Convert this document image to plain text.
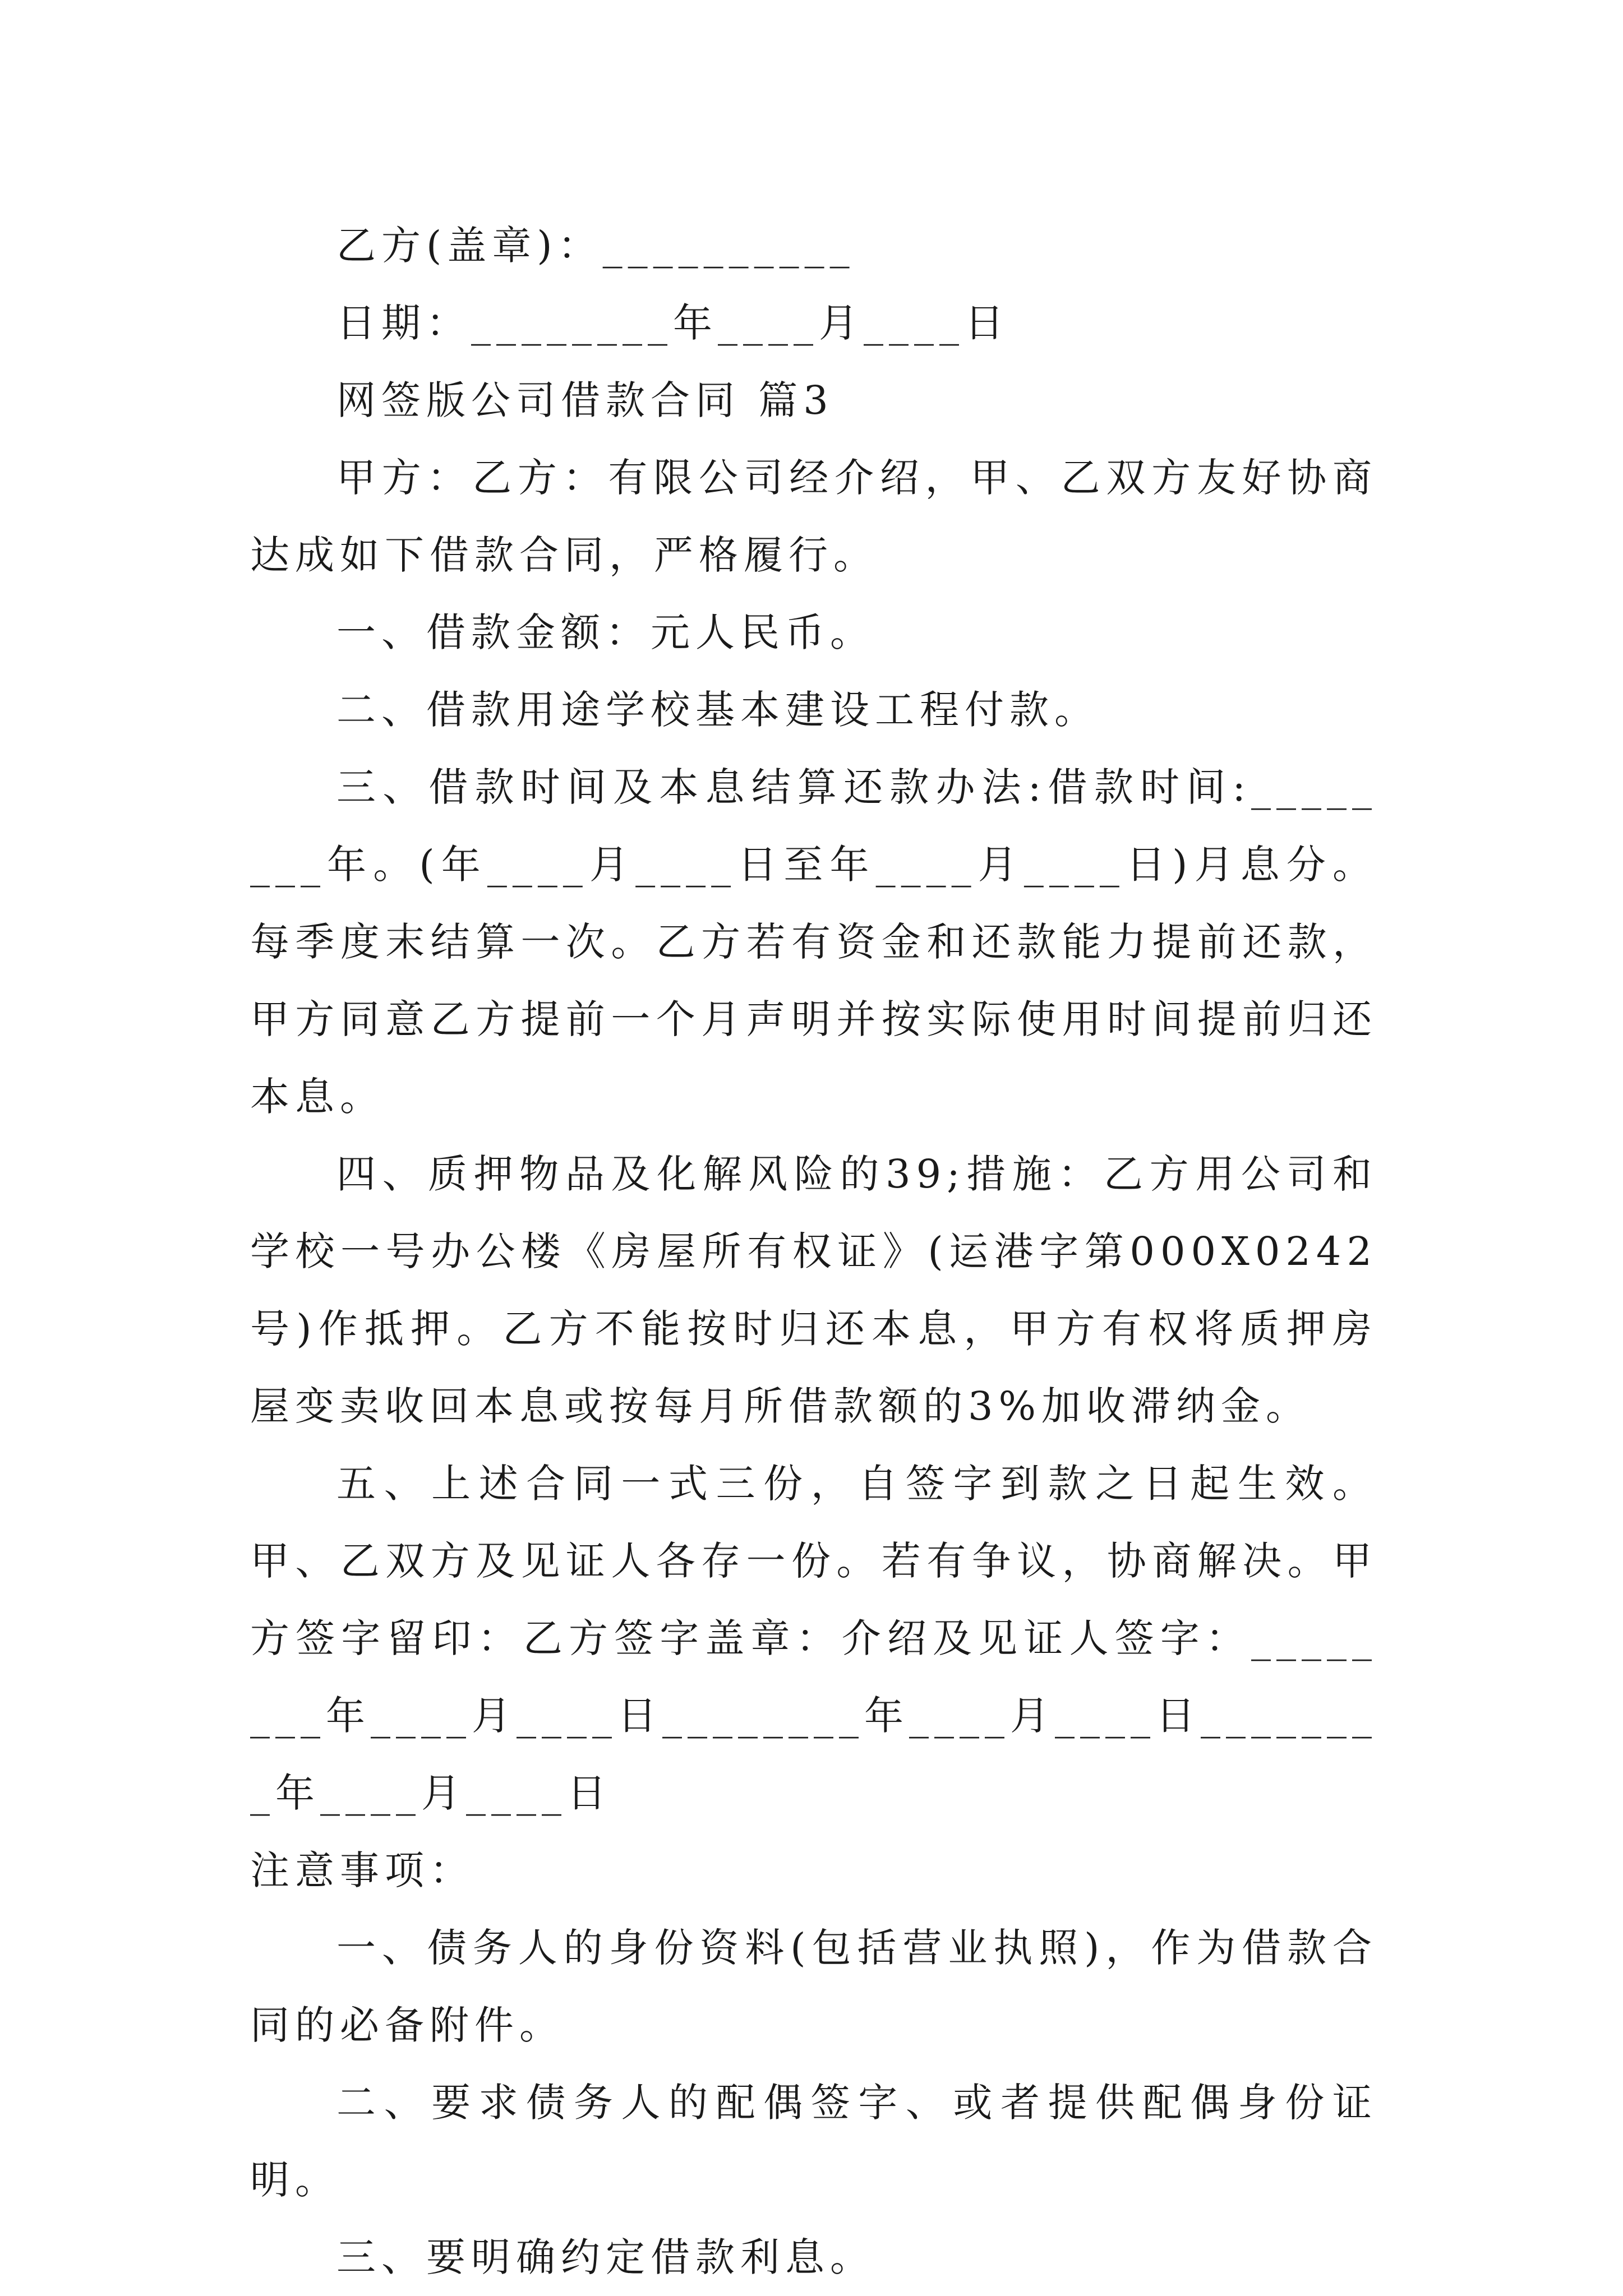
乙方(盖章)：__________

日期：________年____月____日

网签版公司借款合同 篇3

甲方：乙方：有限公司经介绍，甲、乙双方友好协商达成如下借款合同，严格履行。

一、借款金额：元人民币。

二、借款用途学校基本建设工程付款。

三、借款时间及本息结算还款办法:借款时间:________年。(年____月____日至年____月____日)月息分。每季度末结算一次。乙方若有资金和还款能力提前还款，甲方同意乙方提前一个月声明并按实际使用时间提前归还本息。

四、质押物品及化解风险的39;措施：乙方用公司和学校一号办公楼《房屋所有权证》(运港字第000X0242号)作抵押。乙方不能按时归还本息，甲方有权将质押房屋变卖收回本息或按每月所借款额的3%加收滞纳金。

五、上述合同一式三份，自签字到款之日起生效。甲、乙双方及见证人各存一份。若有争议，协商解决。甲方签字留印：乙方签字盖章：介绍及见证人签字：________年____月____日________年____月____日________年____月____日

注意事项：

一、债务人的身份资料(包括营业执照)，作为借款合同的必备附件。

二、要求债务人的配偶签字、或者提供配偶身份证明。

三、要明确约定借款利息。
